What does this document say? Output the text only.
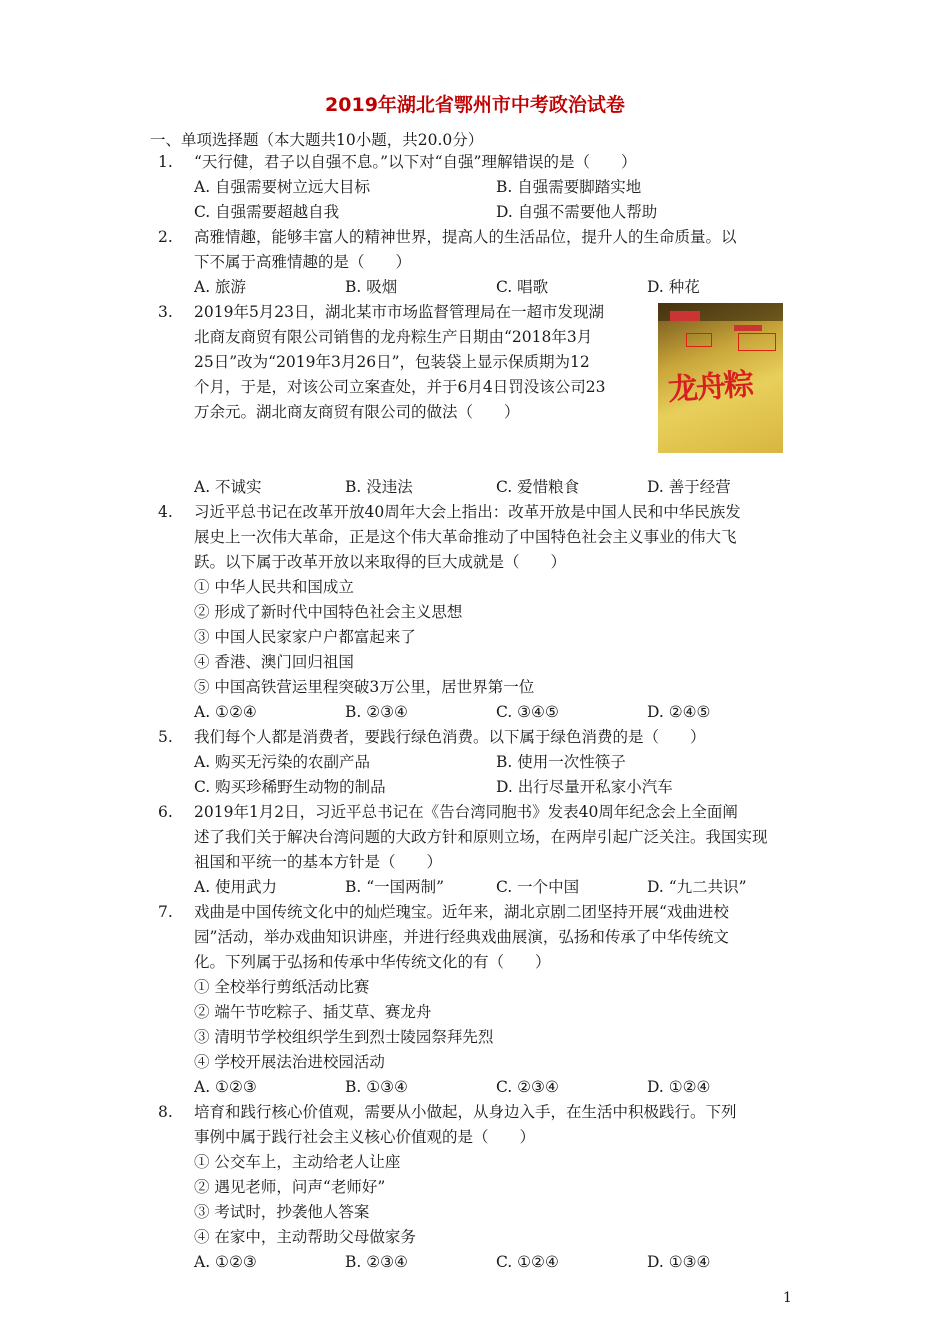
2019年湖北省鄂州市中考政治试卷
一、单项选择题（本大题共10小题，共20.0分）
1. “天行健，君子以自强不息。”以下对“自强”理解错误的是（　　）
A. 自强需要树立远大目标	B. 自强需要脚踏实地
C. 自强需要超越自我	D. 自强不需要他人帮助
2. 高雅情趣，能够丰富人的精神世界，提高人的生活品位，提升人的生命质量。以
下不属于高雅情趣的是（　　）
A. 旅游	B. 吸烟	C. 唱歌	D. 种花
3. 2019年5月23日，湖北某市市场监督管理局在一超市发现湖
北商友商贸有限公司销售的龙舟粽生产日期由“2018年3月
25日”改为“2019年3月26日”，包装袋上显示保质期为12
个月，于是，对该公司立案查处，并于6月4日罚没该公司23
万余元。湖北商友商贸有限公司的做法（　　）
龙舟粽
A. 不诚实	B. 没违法	C. 爱惜粮食	D. 善于经营
4. 习近平总书记在改革开放40周年大会上指出：改革开放是中国人民和中华民族发
展史上一次伟大革命，正是这个伟大革命推动了中国特色社会主义事业的伟大飞
跃。以下属于改革开放以来取得的巨大成就是（　　）
① 中华人民共和国成立
② 形成了新时代中国特色社会主义思想
③ 中国人民家家户户都富起来了
④ 香港、澳门回归祖国
⑤ 中国高铁营运里程突破3万公里，居世界第一位
A. ①②④	B. ②③④	C. ③④⑤	D. ②④⑤
5. 我们每个人都是消费者，要践行绿色消费。以下属于绿色消费的是（　　）
A. 购买无污染的农副产品	B. 使用一次性筷子
C. 购买珍稀野生动物的制品	D. 出行尽量开私家小汽车
6. 2019年1月2日，习近平总书记在《告台湾同胞书》发表40周年纪念会上全面阐
述了我们关于解决台湾问题的大政方针和原则立场，在两岸引起广泛关注。我国实现
祖国和平统一的基本方针是（　　）
A. 使用武力	B. “一国两制”	C. 一个中国	D. “九二共识”
7. 戏曲是中国传统文化中的灿烂瑰宝。近年来，湖北京剧二团坚持开展“戏曲进校
园”活动，举办戏曲知识讲座，并进行经典戏曲展演，弘扬和传承了中华传统文
化。下列属于弘扬和传承中华传统文化的有（　　）
① 全校举行剪纸活动比赛
② 端午节吃粽子、插艾草、赛龙舟
③ 清明节学校组织学生到烈士陵园祭拜先烈
④ 学校开展法治进校园活动
A. ①②③	B. ①③④	C. ②③④	D. ①②④
8. 培育和践行核心价值观，需要从小做起，从身边入手，在生活中积极践行。下列
事例中属于践行社会主义核心价值观的是（　　）
① 公交车上，主动给老人让座
② 遇见老师，问声“老师好”
③ 考试时，抄袭他人答案
④ 在家中，主动帮助父母做家务
A. ①②③	B. ②③④	C. ①②④	D. ①③④
1
